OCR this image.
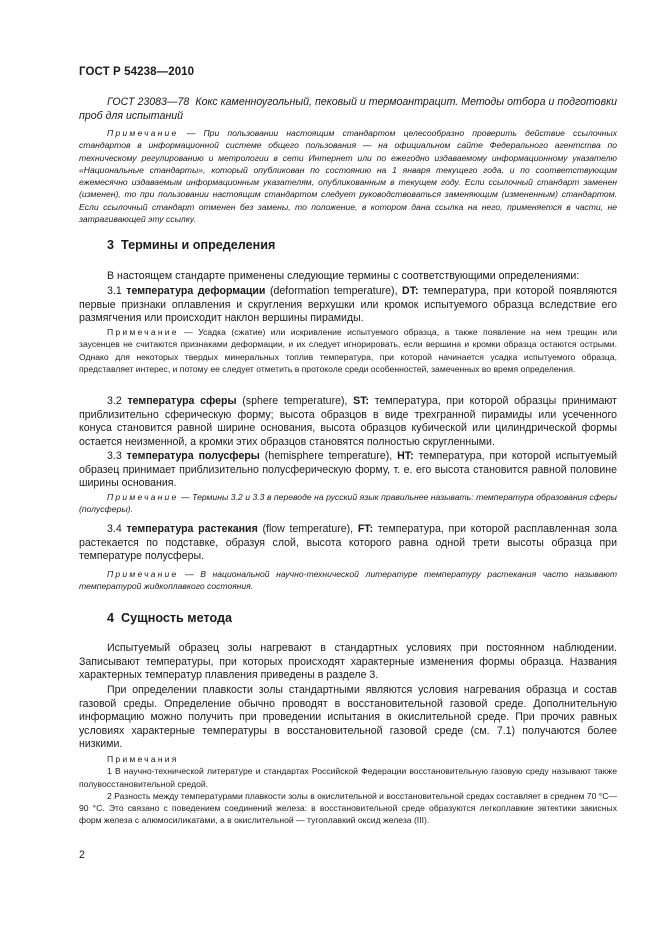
ГОСТ Р 54238—2010

ГОСТ 23083—78 Кокс каменноугольный, пековый и термоантрацит. Методы отбора и подготовки проб для испытаний

Примечание — При пользовании настоящим стандартом целесообразно проверить действие ссылочных стандартов в информационной системе общего пользования — на официальном сайте Федерального агентства по техническому регулированию и метрологии в сети Интернет или по ежегодно издаваемому информационному указателю «Национальные стандарты», который опубликован по состоянию на 1 января текущего года, и по соответствующим ежемесячно издаваемым информационным указателям, опубликованным в текущем году. Если ссылочный стандарт заменен (изменен), то при пользовании настоящим стандартом следует руководствоваться заменяющим (измененным) стандартом. Если ссылочный стандарт отменен без замены, то положение, в котором дана ссылка на него, применяется в части, не затрагивающей эту ссылку.

3 Термины и определения

В настоящем стандарте применены следующие термины с соответствующими определениями:

3.1 температура деформации (deformation temperature), DT: температура, при которой появляются первые признаки оплавления и скругления верхушки или кромок испытуемого образца вследствие его размягчения или происходит наклон вершины пирамиды.

Примечание — Усадка (сжатие) или искривление испытуемого образца, а также появление на нем трещин или заусенцев не считаются признаками деформации, и их следует игнорировать, если вершина и кромки образца остаются острыми. Однако для некоторых твердых минеральных топлив температура, при которой начинается усадка испытуемого образца, представляет интерес, и потому ее следует отметить в протоколе среди особенностей, замеченных во время определения.

3.2 температура сферы (sphere temperature), ST: температура, при которой образцы принимают приблизительно сферическую форму; высота образцов в виде трехгранной пирамиды или усеченного конуса становится равной ширине основания, высота образцов кубической или цилиндрической формы остается неизменной, а кромки этих образцов становятся полностью скругленными.

3.3 температура полусферы (hemisphere temperature), HT: температура, при которой испытуемый образец принимает приблизительно полусферическую форму, т. е. его высота становится равной половине ширины основания.

Примечание — Термины 3.2 и 3.3 в переводе на русский язык правильнее называть: температура образования сферы (полусферы).

3.4 температура растекания (flow temperature), FT: температура, при которой расплавленная зола растекается по подставке, образуя слой, высота которого равна одной трети высоты образца при температуре полусферы.

Примечание — В национальной научно-технической литературе температуру растекания часто называют температурой жидкоплавкого состояния.

4 Сущность метода

Испытуемый образец золы нагревают в стандартных условиях при постоянном наблюдении. Записывают температуры, при которых происходят характерные изменения формы образца. Названия характерных температур плавления приведены в разделе 3.

При определении плавкости золы стандартными являются условия нагревания образца и состав газовой среды. Определение обычно проводят в восстановительной газовой среде. Дополнительную информацию можно получить при проведении испытания в окислительной среде. При прочих равных условиях характерные температуры в восстановительной газовой среде (см. 7.1) получаются более низкими.

Примечания

1 В научно-технической литературе и стандартах Российской Федерации восстановительную газовую среду называют также полувосстановительной средой.

2 Разность между температурами плавкости золы в окислительной и восстановительной средах составляет в среднем 70 °C—90 °C. Это связано с поведением соединений железа: в восстановительной среде образуются легкоплавкие эвтектики закисных форм железа с алюмосиликатами, а в окислительной — тугоплавкий оксид железа (III).

2
